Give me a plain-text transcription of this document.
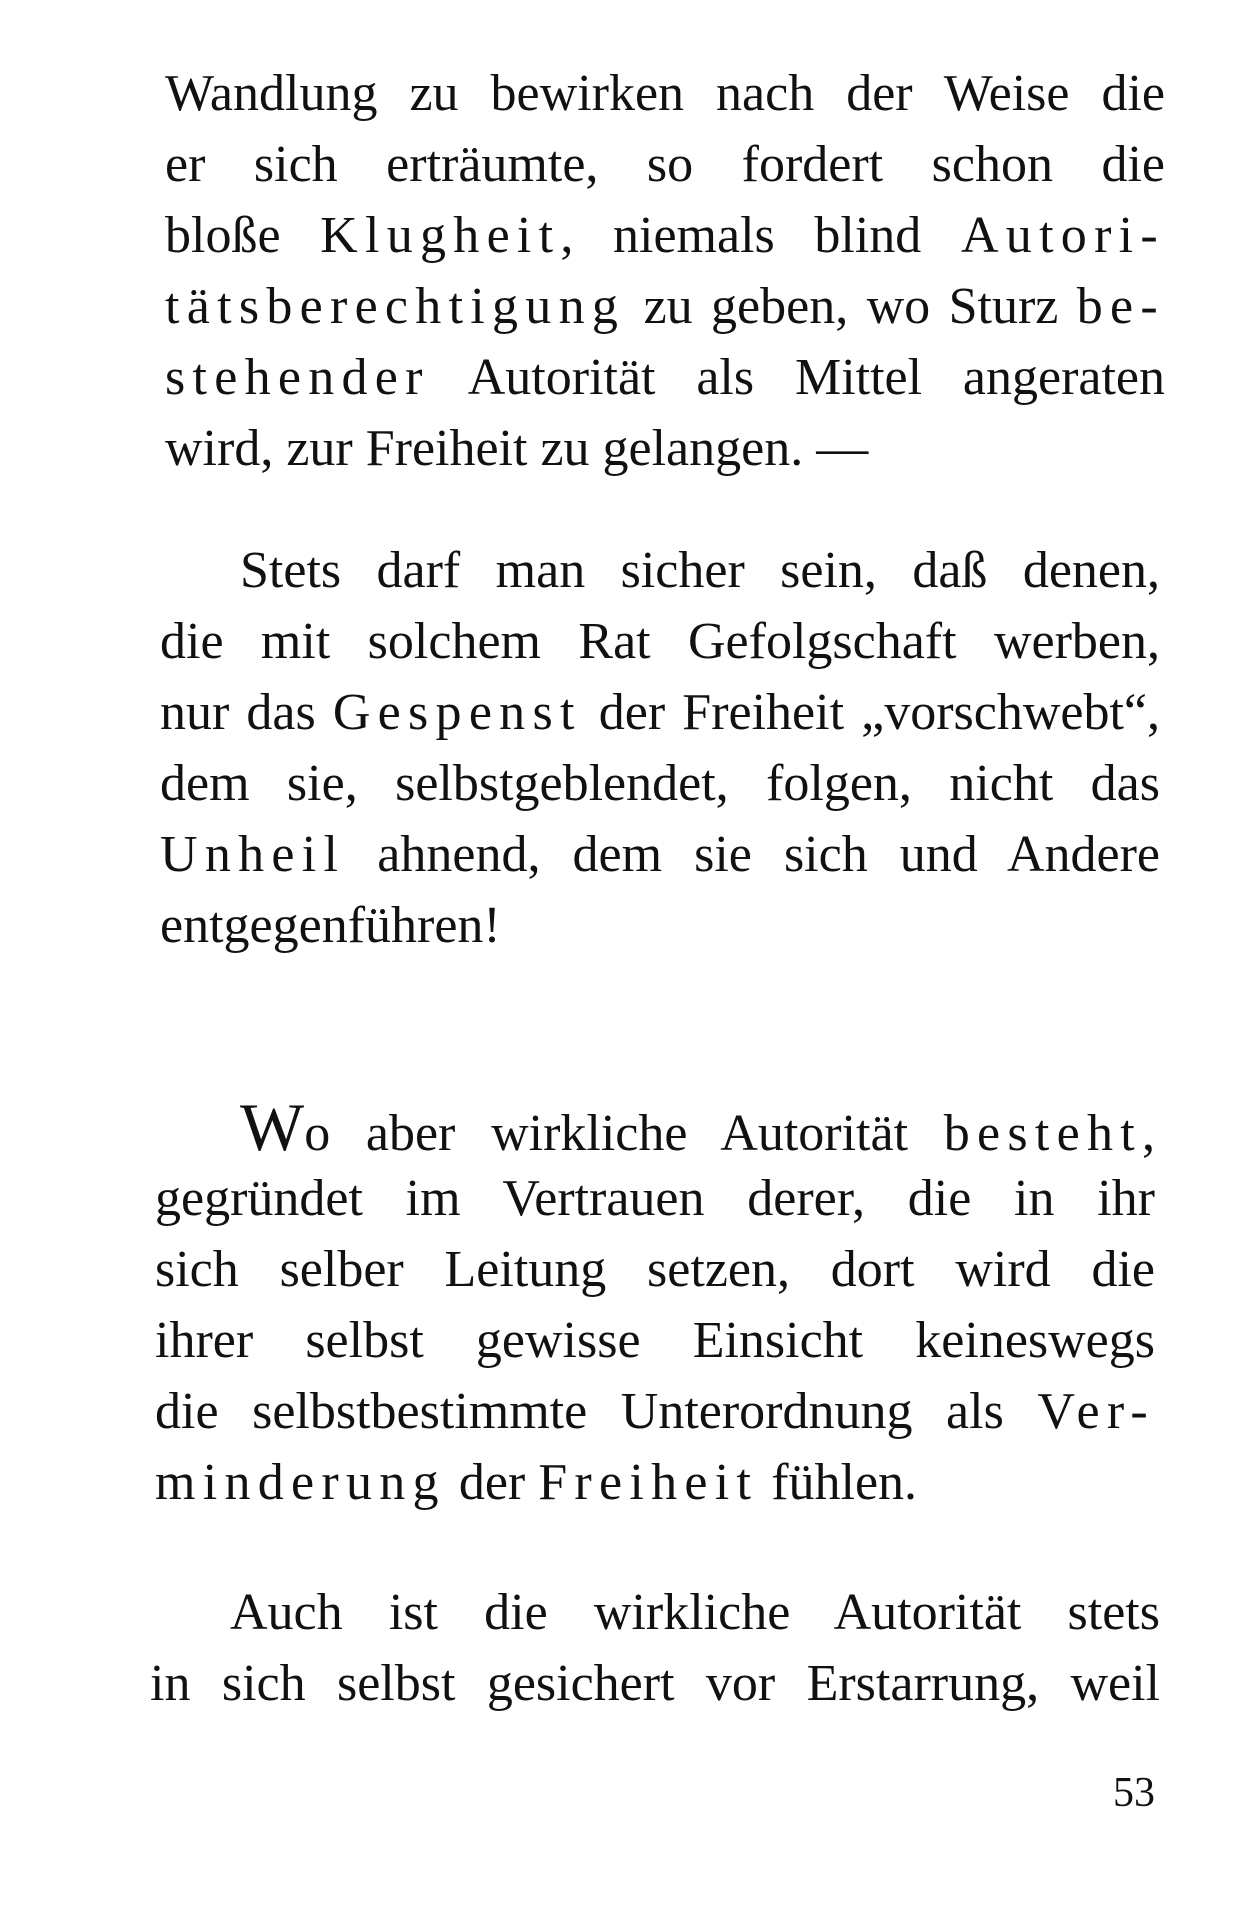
Wandlung zu bewirken nach der Weise die
er sich erträumte, so fordert schon die
bloße Klugheit, niemals blind Autori-
tätsberechtigung zu geben, wo Sturz be-
stehender Autorität als Mittel angeraten
wird, zur Freiheit zu gelangen. —
Stets darf man sicher sein, daß denen,
die mit solchem Rat Gefolgschaft werben,
nur das Gespenst der Freiheit „vorschwebt“,
dem sie, selbstgeblendet, folgen, nicht das
Unheil ahnend, dem sie sich und Andere
entgegenführen!
Wo aber wirkliche Autorität besteht,
gegründet im Vertrauen derer, die in ihr
sich selber Leitung setzen, dort wird die
ihrer selbst gewisse Einsicht keineswegs
die selbstbestimmte Unterordnung als Ver-
minderung der Freiheit fühlen.
Auch ist die wirkliche Autorität stets
in sich selbst gesichert vor Erstarrung, weil
53
